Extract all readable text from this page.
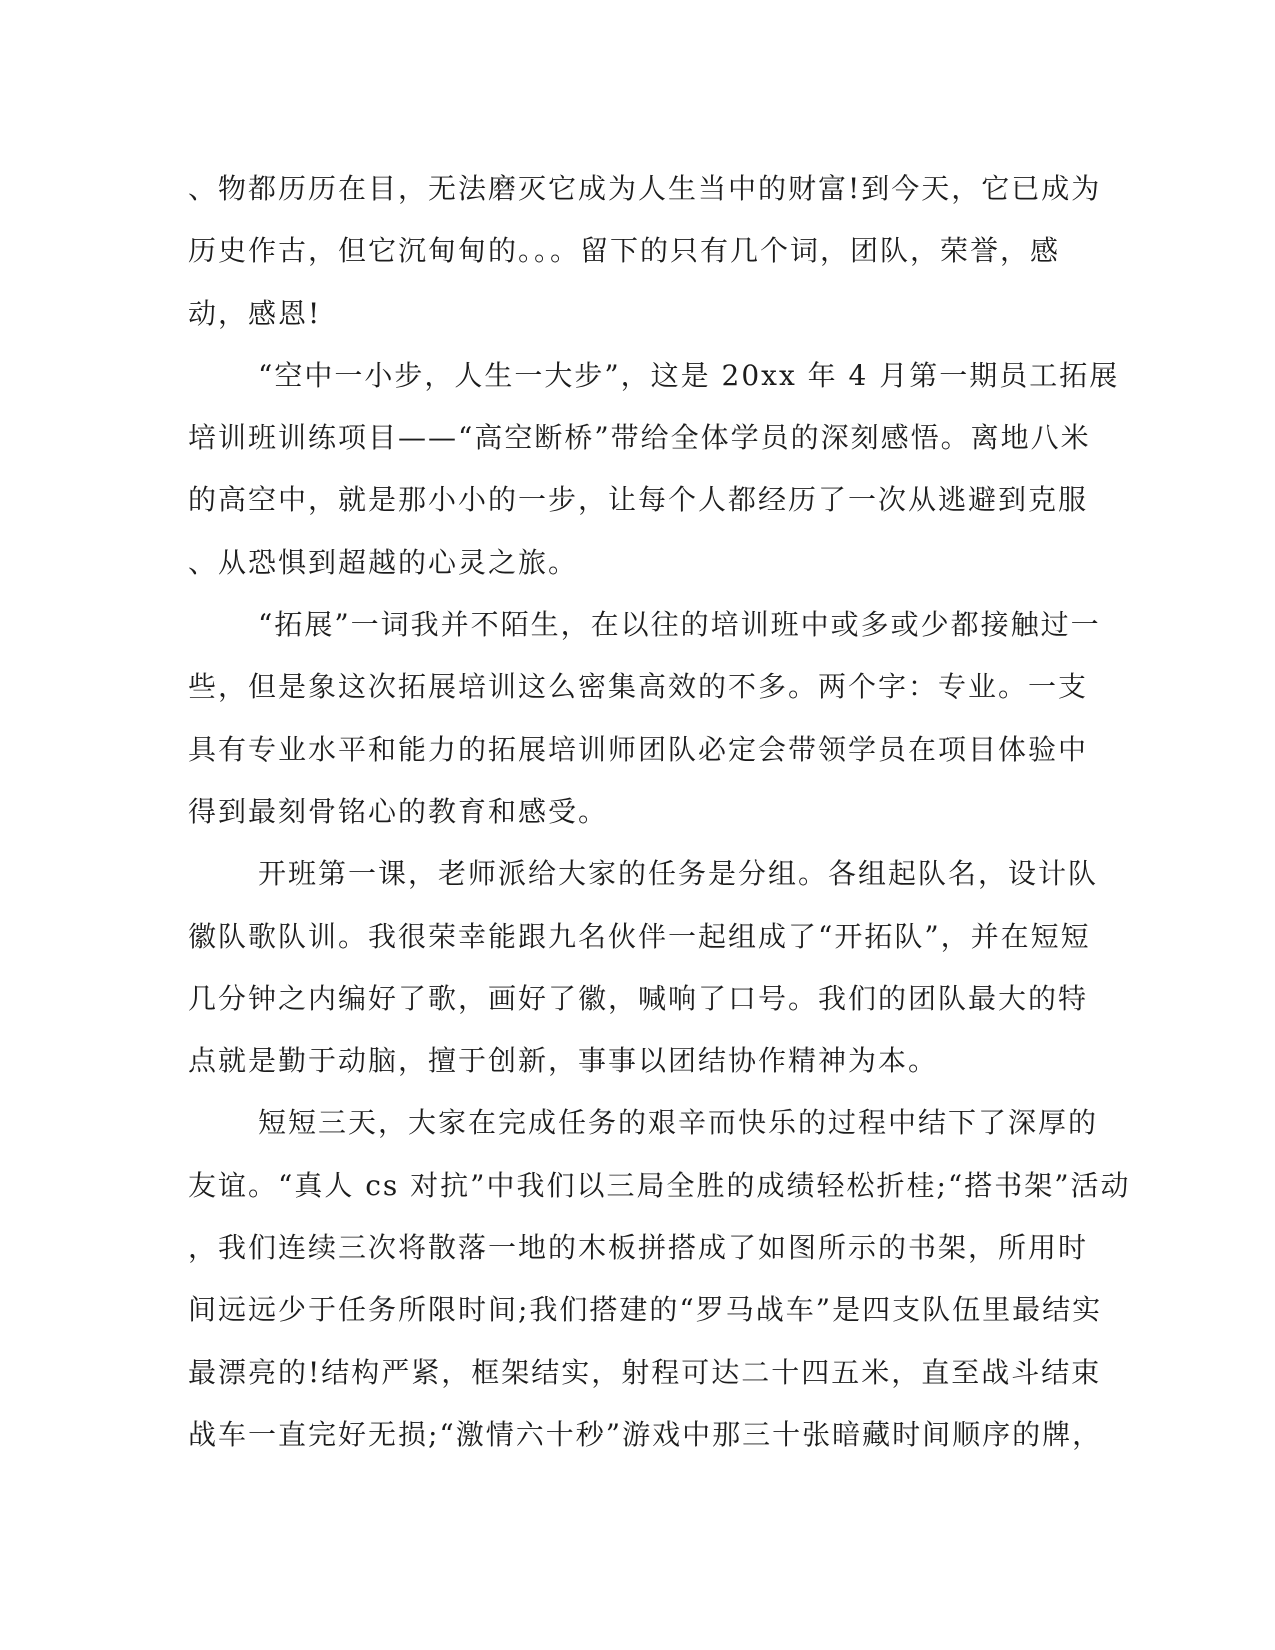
、物都历历在目，无法磨灭它成为人生当中的财富!到今天，它已成为
历史作古，但它沉甸甸的。。。留下的只有几个词，团队，荣誉，感
动，感恩!
“空中一小步，人生一大步”，这是 20xx 年 4 月第一期员工拓展
培训班训练项目——“高空断桥”带给全体学员的深刻感悟。离地八米
的高空中，就是那小小的一步，让每个人都经历了一次从逃避到克服
、从恐惧到超越的心灵之旅。
“拓展”一词我并不陌生，在以往的培训班中或多或少都接触过一
些，但是象这次拓展培训这么密集高效的不多。两个字：专业。一支
具有专业水平和能力的拓展培训师团队必定会带领学员在项目体验中
得到最刻骨铭心的教育和感受。
开班第一课，老师派给大家的任务是分组。各组起队名，设计队
徽队歌队训。我很荣幸能跟九名伙伴一起组成了“开拓队”，并在短短
几分钟之内编好了歌，画好了徽，喊响了口号。我们的团队最大的特
点就是勤于动脑，擅于创新，事事以团结协作精神为本。
短短三天，大家在完成任务的艰辛而快乐的过程中结下了深厚的
友谊。“真人 cs 对抗”中我们以三局全胜的成绩轻松折桂;“搭书架”活动
，我们连续三次将散落一地的木板拼搭成了如图所示的书架，所用时
间远远少于任务所限时间;我们搭建的“罗马战车”是四支队伍里最结实
最漂亮的!结构严紧，框架结实，射程可达二十四五米，直至战斗结束
战车一直完好无损;“激情六十秒”游戏中那三十张暗藏时间顺序的牌，
